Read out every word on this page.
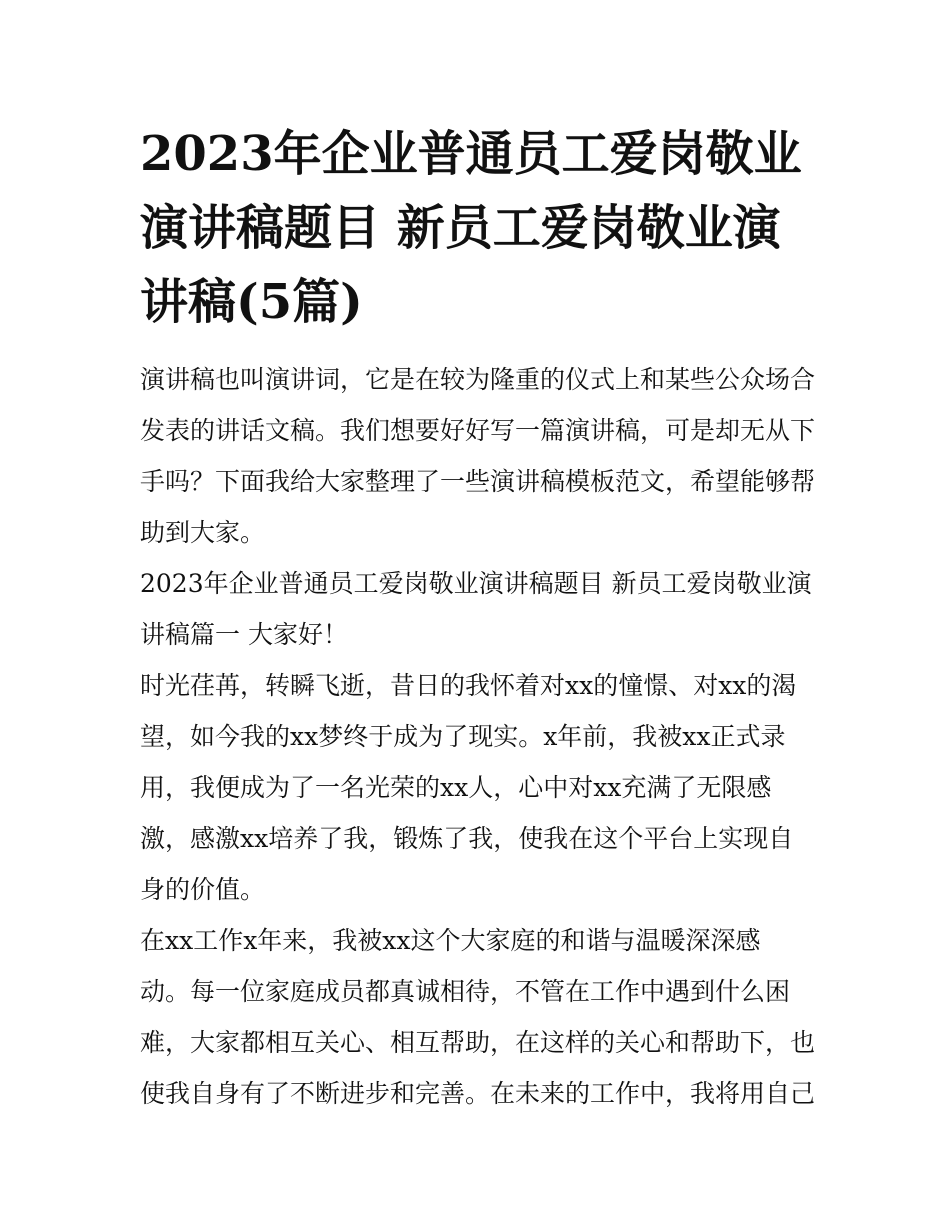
2023年企业普通员工爱岗敬业
演讲稿题目 新员工爱岗敬业演
讲稿(5篇)

演讲稿也叫演讲词，它是在较为隆重的仪式上和某些公众场合
发表的讲话文稿。我们想要好好写一篇演讲稿，可是却无从下
手吗？下面我给大家整理了一些演讲稿模板范文，希望能够帮
助到大家。

2023年企业普通员工爱岗敬业演讲稿题目 新员工爱岗敬业演
讲稿篇一 大家好！

时光荏苒，转瞬飞逝，昔日的我怀着对xx的憧憬、对xx的渴
望，如今我的xx梦终于成为了现实。x年前，我被xx正式录
用，我便成为了一名光荣的xx人，心中对xx充满了无限感
激，感激xx培养了我，锻炼了我，使我在这个平台上实现自
身的价值。

在xx工作x年来，我被xx这个大家庭的和谐与温暖深深感
动。每一位家庭成员都真诚相待，不管在工作中遇到什么困
难，大家都相互关心、相互帮助，在这样的关心和帮助下，也
使我自身有了不断进步和完善。在未来的工作中，我将用自己
